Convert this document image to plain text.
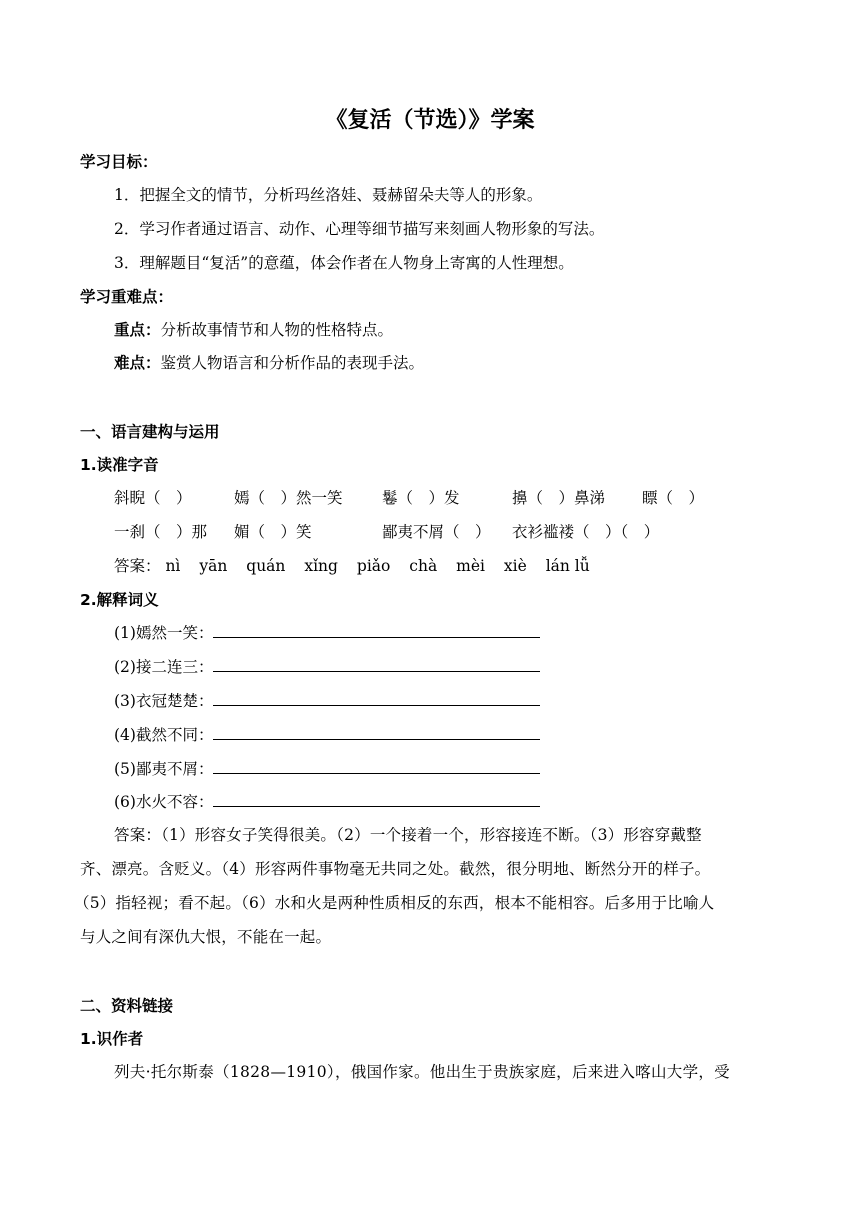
《复活（节选）》学案
学习目标：
1．把握全文的情节，分析玛丝洛娃、聂赫留朵夫等人的形象。
2．学习作者通过语言、动作、心理等细节描写来刻画人物形象的写法。
3．理解题目“复活”的意蕴，体会作者在人物身上寄寓的人性理想。
学习重难点：
重点：分析故事情节和人物的性格特点。
难点：鉴赏人物语言和分析作品的表现手法。
一、语言建构与运用
1.读准字音
斜睨（　）	嫣（　）然一笑	鬈（　）发	擤（　）鼻涕 瞟（　）
一刹（　）那 媚（　）笑	鄙夷不屑（　） 衣衫褴褛（　）（　）
答案： nì yān quán xǐng piǎo chà mèi xiè lán lǚ
2.解释词义
(1)嫣然一笑：
(2)接二连三：
(3)衣冠楚楚：
(4)截然不同：
(5)鄙夷不屑：
(6)水火不容：
答案：（1）形容女子笑得很美。（2）一个接着一个，形容接连不断。（3）形容穿戴整
齐、漂亮。含贬义。（4）形容两件事物毫无共同之处。截然，很分明地、断然分开的样子。
（5）指轻视；看不起。（6）水和火是两种性质相反的东西，根本不能相容。后多用于比喻人
与人之间有深仇大恨，不能在一起。
二、资料链接
1.识作者
列夫·托尔斯泰（1828—1910），俄国作家。他出生于贵族家庭，后来进入喀山大学，受
